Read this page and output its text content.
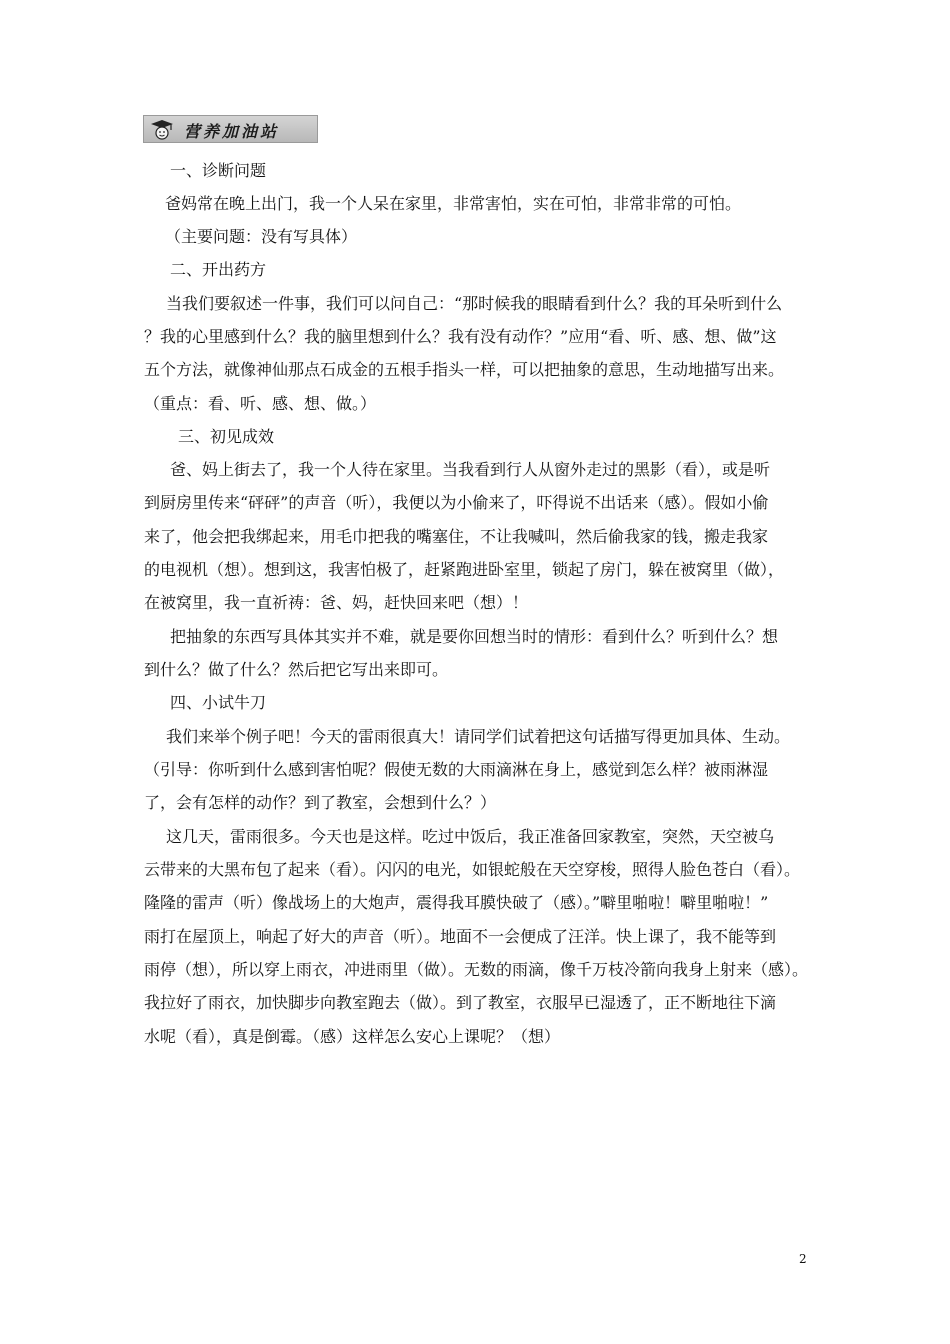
营养加油站
一、诊断问题
爸妈常在晚上出门，我一个人呆在家里，非常害怕，实在可怕，非常非常的可怕。
（主要问题：没有写具体）
二、开出药方
当我们要叙述一件事，我们可以问自己：“那时候我的眼睛看到什么？我的耳朵听到什么
？我的心里感到什么？我的脑里想到什么？我有没有动作？”应用“看、听、感、想、做”这
五个方法，就像神仙那点石成金的五根手指头一样，可以把抽象的意思，生动地描写出来。
（重点：看、听、感、想、做。）
三、初见成效
爸、妈上街去了，我一个人待在家里。当我看到行人从窗外走过的黑影（看），或是听
到厨房里传来“砰砰”的声音（听），我便以为小偷来了，吓得说不出话来（感）。假如小偷
来了，他会把我绑起来，用毛巾把我的嘴塞住，不让我喊叫，然后偷我家的钱，搬走我家
的电视机（想）。想到这，我害怕极了，赶紧跑进卧室里，锁起了房门，躲在被窝里（做），
在被窝里，我一直祈祷：爸、妈，赶快回来吧（想）！
把抽象的东西写具体其实并不难，就是要你回想当时的情形：看到什么？听到什么？想
到什么？做了什么？然后把它写出来即可。
四、小试牛刀
我们来举个例子吧！今天的雷雨很真大！请同学们试着把这句话描写得更加具体、生动。
（引导：你听到什么感到害怕呢？假使无数的大雨滴淋在身上，感觉到怎么样？被雨淋湿
了，会有怎样的动作？到了教室，会想到什么？）
这几天，雷雨很多。今天也是这样。吃过中饭后，我正准备回家教室，突然，天空被乌
云带来的大黑布包了起来（看）。闪闪的电光，如银蛇般在天空穿梭，照得人脸色苍白（看）。
隆隆的雷声（听）像战场上的大炮声，震得我耳膜快破了（感）。”噼里啪啦！噼里啪啦！”
雨打在屋顶上，响起了好大的声音（听）。地面不一会便成了汪洋。快上课了，我不能等到
雨停（想），所以穿上雨衣，冲进雨里（做）。无数的雨滴，像千万枝冷箭向我身上射来（感）。
我拉好了雨衣，加快脚步向教室跑去（做）。到了教室，衣服早已湿透了，正不断地往下滴
水呢（看），真是倒霉。（感）这样怎么安心上课呢？（想）
2
